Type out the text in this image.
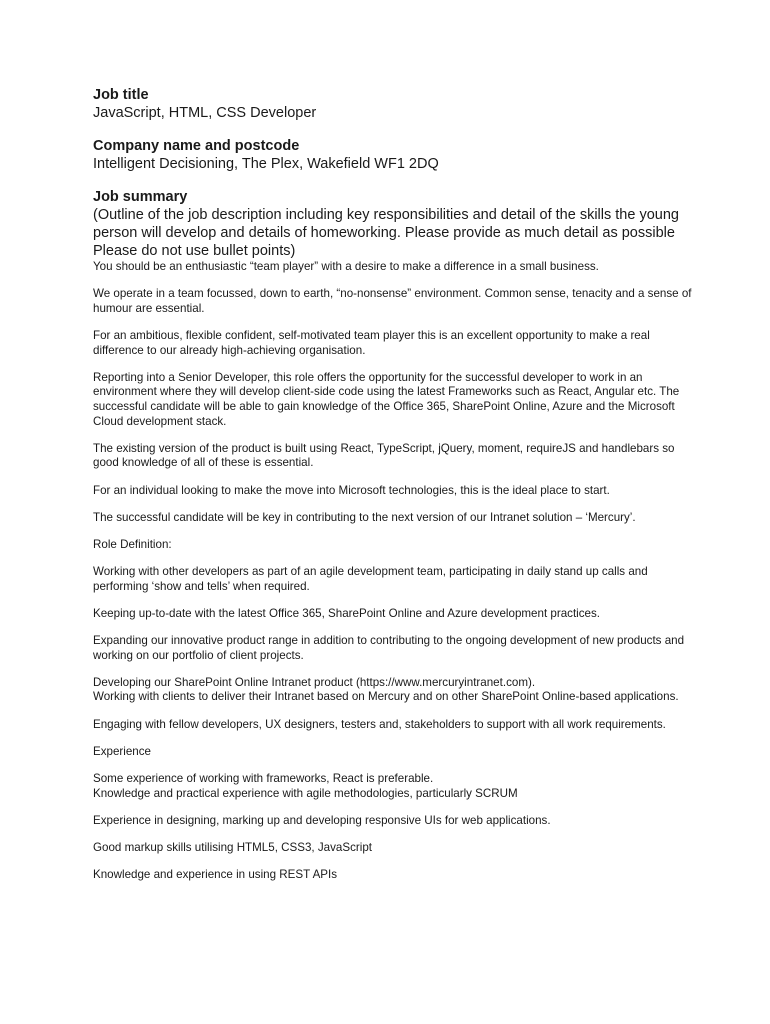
Job title
JavaScript, HTML, CSS Developer
Company name and postcode
Intelligent Decisioning, The Plex, Wakefield WF1 2DQ
Job summary
(Outline of the job description including key responsibilities and detail of the skills the young person will develop and details of homeworking. Please provide as much detail as possible Please do not use bullet points)

You should be an enthusiastic “team player” with a desire to make a difference in a small business.

We operate in a team focussed, down to earth, “no-nonsense” environment. Common sense, tenacity and a sense of humour are essential.

For an ambitious, flexible confident, self-motivated team player this is an excellent opportunity to make a real difference to our already high-achieving organisation.

Reporting into a Senior Developer, this role offers the opportunity for the successful developer to work in an environment where they will develop client-side code using the latest Frameworks such as React, Angular etc. The successful candidate will be able to gain knowledge of the Office 365, SharePoint Online, Azure and the Microsoft Cloud development stack.

The existing version of the product is built using React, TypeScript, jQuery, moment, requireJS and handlebars so good knowledge of all of these is essential.

For an individual looking to make the move into Microsoft technologies, this is the ideal place to start.

The successful candidate will be key in contributing to the next version of our Intranet solution – ‘Mercury’.

Role Definition:

Working with other developers as part of an agile development team, participating in daily stand up calls and performing ‘show and tells’ when required.

Keeping up-to-date with the latest Office 365, SharePoint Online and Azure development practices.

Expanding our innovative product range in addition to contributing to the ongoing development of new products and working on our portfolio of client projects.

Developing our SharePoint Online Intranet product (https://www.mercuryintranet.com).
Working with clients to deliver their Intranet based on Mercury and on other SharePoint Online-based applications.

Engaging with fellow developers, UX designers, testers and, stakeholders to support with all work requirements.

Experience

Some experience of working with frameworks, React is preferable.
Knowledge and practical experience with agile methodologies, particularly SCRUM

Experience in designing, marking up and developing responsive UIs for web applications.

Good markup skills utilising HTML5, CSS3, JavaScript

Knowledge and experience in using REST APIs
